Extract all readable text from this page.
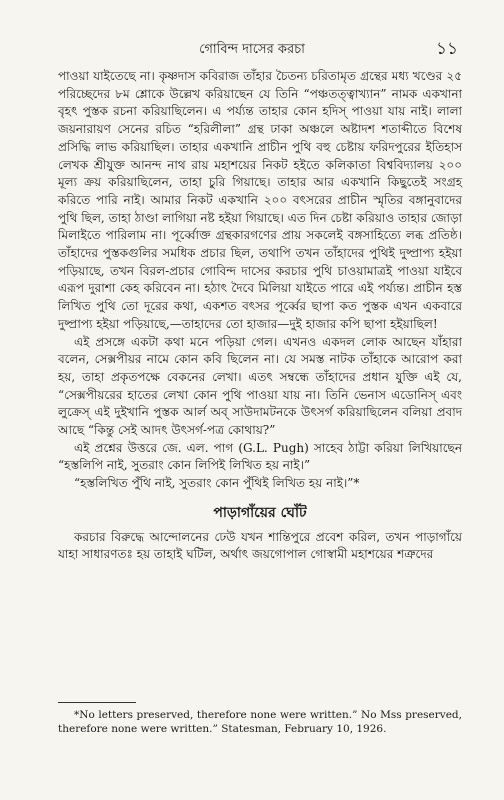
গোবিন্দ দাসের করচা	১১

পাওয়া যাইতেছে না। কৃষ্ণদাস কবিরাজ তাঁহার চৈতন্য চরিতামৃত গ্রন্থের মধ্য খণ্ডের ২৫ পরিচ্ছেদের ৮ম শ্লোকে উল্লেখ করিয়াছেন যে তিনি “পঞ্চতত্ত্বাখ্যান” নামক একখানা বৃহৎ পুস্তক রচনা করিয়াছিলেন। এ পর্য্যন্ত তাহার কোন হদিস্ পাওয়া যায় নাই। লালা জয়নারায়ণ সেনের রচিত “হরিলীলা” গ্রন্থ ঢাকা অঞ্চলে অষ্টাদশ শতাব্দীতে বিশেষ প্রসিদ্ধি লাভ করিয়াছিল। তাহার একখানি প্রাচীন পুথি বহু চেষ্টায় ফরিদপুরের ইতিহাস লেখক শ্রীযুক্ত আনন্দ নাথ রায় মহাশয়ের নিকট হইতে কলিকাতা বিশ্ববিদ্যালয় ২০০ মূল্য ক্রয় করিয়াছিলেন, তাহা চুরি গিয়াছে। তাহার আর একখানি কিছুতেই সংগ্রহ করিতে পারি নাই। আমার নিকট একখানি ২০০ বৎসরের প্রাচীন স্মৃতির বঙ্গানুবাদের পুথি ছিল, তাহা ঠাণ্ডা লাগিয়া নষ্ট হইয়া গিয়াছে। এত দিন চেষ্টা করিয়াও তাহার জোড়া মিলাইতে পারিলাম না। পূর্ব্বোক্ত গ্রন্থকারগণের প্রায় সকলেই বঙ্গসাহিত্যে লব্ধ প্রতিষ্ঠ। তাঁহাদের পুস্তকগুলির সমধিক প্রচার ছিল, তথাপি তখন তাঁহাদের পুথিই দুষ্প্রাপ্য হইয়া পড়িয়াছে, তখন বিরল-প্রচার গোবিন্দ দাসের করচার পুথি চাওয়ামাত্রই পাওয়া যাইবে এরূপ দুরাশা কেহ করিবেন না। হঠাৎ দৈবে মিলিয়া যাইতে পারে এই পর্য্যন্ত। প্রাচীন হস্ত লিখিত পুথি তো দূরের কথা, একশত বৎসর পূর্ব্বের ছাপা কত পুস্তক এখন একবারে দুষ্প্রাপ্য হইয়া পড়িয়াছে,—তাহাদের তো হাজার—দুই হাজার কপি ছাপা হইয়াছিল!

এই প্রসঙ্গে একটা কথা মনে পড়িয়া গেল। এখনও একদল লোক আছেন যাঁহারা বলেন, সেক্সপীয়র নামে কোন কবি ছিলেন না। যে সমস্ত নাটক তাঁহাকে আরোপ করা হয়, তাহা প্রকৃতপক্ষে বেকনের লেখা। এতৎ সম্বন্ধে তাঁহাদের প্রধান যুক্তি এই যে, “সেক্সপীয়রের হাতের লেখা কোন পুথি পাওয়া যায় না। তিনি ভেনাস এডোনিস্ এবং লুক্রেস্ এই দুইখানি পুস্তক আর্ল অব্ সাউদামটনকে উৎসর্গ করিয়াছিলেন বলিয়া প্রবাদ আছে “কিন্তু সেই আদৎ উৎসর্গ-পত্র কোথায়?”

এই প্রশ্নের উত্তরে জে. এল. পাগ (G.L. Pugh) সাহেব ঠাট্টা করিয়া লিখিয়াছেন “হস্তলিপি নাই, সুতরাং কোন লিপিই লিখিত হয় নাই।”

“হস্তলিখিত পুঁথি নাই, সুতরাং কোন পুঁথিই লিখিত হয় নাই।”*

পাড়াগাঁয়ের ঘোঁট

করচার বিরুদ্ধে আন্দোলনের ঢেউ যখন শান্তিপুরে প্রবেশ করিল, তখন পাড়াগাঁয়ে যাহা সাধারণতঃ হয় তাহাই ঘটিল, অর্থাৎ জয়গোপাল গোস্বামী মহাশয়ের শত্রুদের

*No letters preserved, therefore none were written.” No Mss preserved, therefore none were written.” Statesman, February 10, 1926.
